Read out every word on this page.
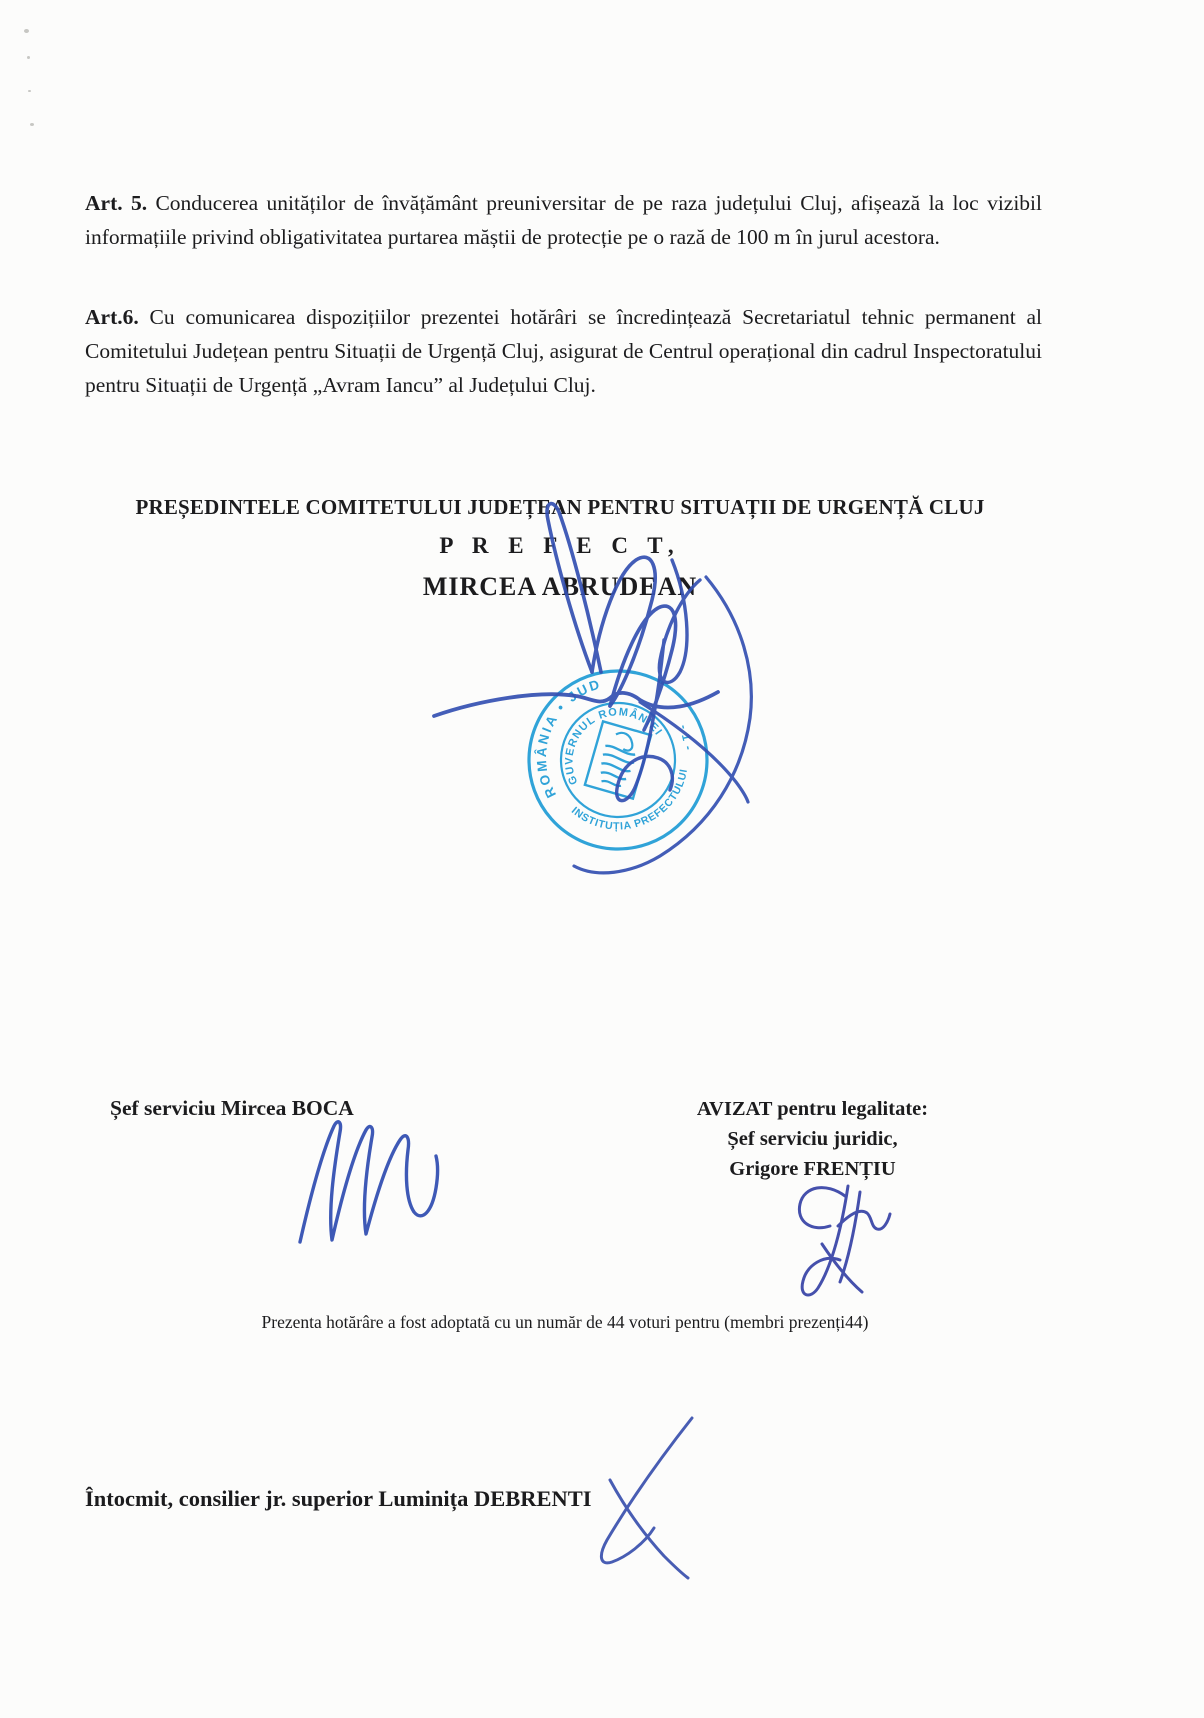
Art. 5. Conducerea unităților de învățământ preuniversitar de pe raza județului Cluj, afișează la loc vizibil informațiile privind obligativitatea purtarea măștii de protecție pe o rază de 100 m în jurul acestora.

Art.6. Cu comunicarea dispozițiilor prezentei hotărâri se încredințează Secretariatul tehnic permanent al Comitetului Județean pentru Situații de Urgență Cluj, asigurat de Centrul operațional din cadrul Inspectoratului pentru Situații de Urgență „Avram Iancu” al Județului Cluj.

PREȘEDINTELE COMITETULUI JUDEȚEAN PENTRU SITUAȚII DE URGENȚĂ CLUJ

P R E F E C T,

MIRCEA ABRUDEAN

ROMÂNIA • JUD
INSTITUȚIA PREFECTULUI
GUVERNUL ROMÂNIEI	- 1 -

Șef serviciu Mircea BOCA	AVIZAT pentru legalitate:
Șef serviciu juridic,
Grigore FRENȚIU

Prezenta hotărâre a fost adoptată cu un număr de 44 voturi pentru (membri prezenți44)

Întocmit, consilier jr. superior Luminița DEBRENTI
